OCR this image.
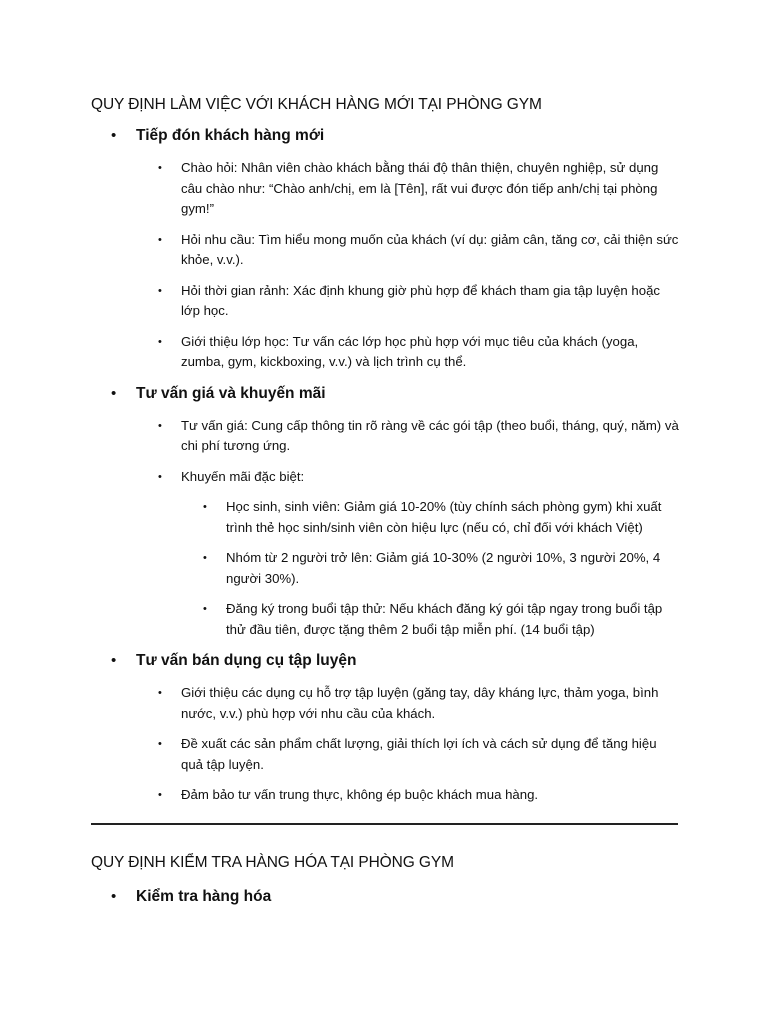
QUY ĐỊNH LÀM VIỆC VỚI KHÁCH HÀNG MỚI TẠI PHÒNG GYM
• Tiếp đón khách hàng mới
• Chào hỏi: Nhân viên chào khách bằng thái độ thân thiện, chuyên nghiệp, sử dụng câu chào như: “Chào anh/chị, em là [Tên], rất vui được đón tiếp anh/chị tại phòng gym!”
• Hỏi nhu cầu: Tìm hiểu mong muốn của khách (ví dụ: giảm cân, tăng cơ, cải thiện sức khỏe, v.v.).
• Hỏi thời gian rảnh: Xác định khung giờ phù hợp để khách tham gia tập luyện hoặc lớp học.
• Giới thiệu lớp học: Tư vấn các lớp học phù hợp với mục tiêu của khách (yoga, zumba, gym, kickboxing, v.v.) và lịch trình cụ thể.
• Tư vấn giá và khuyến mãi
• Tư vấn giá: Cung cấp thông tin rõ ràng về các gói tập (theo buổi, tháng, quý, năm) và chi phí tương ứng.
• Khuyến mãi đặc biệt:
• Học sinh, sinh viên: Giảm giá 10-20% (tùy chính sách phòng gym) khi xuất trình thẻ học sinh/sinh viên còn hiệu lực (nếu có, chỉ đối với khách Việt)
• Nhóm từ 2 người trở lên: Giảm giá 10-30% (2 người 10%, 3 người 20%, 4 người 30%).
• Đăng ký trong buổi tập thử: Nếu khách đăng ký gói tập ngay trong buổi tập thử đầu tiên, được tặng thêm 2 buổi tập miễn phí. (14 buổi tập)
• Tư vấn bán dụng cụ tập luyện
• Giới thiệu các dụng cụ hỗ trợ tập luyện (găng tay, dây kháng lực, thảm yoga, bình nước, v.v.) phù hợp với nhu cầu của khách.
• Đề xuất các sản phẩm chất lượng, giải thích lợi ích và cách sử dụng để tăng hiệu quả tập luyện.
• Đảm bảo tư vấn trung thực, không ép buộc khách mua hàng.
QUY ĐỊNH KIỂM TRA HÀNG HÓA TẠI PHÒNG GYM
• Kiểm tra hàng hóa
